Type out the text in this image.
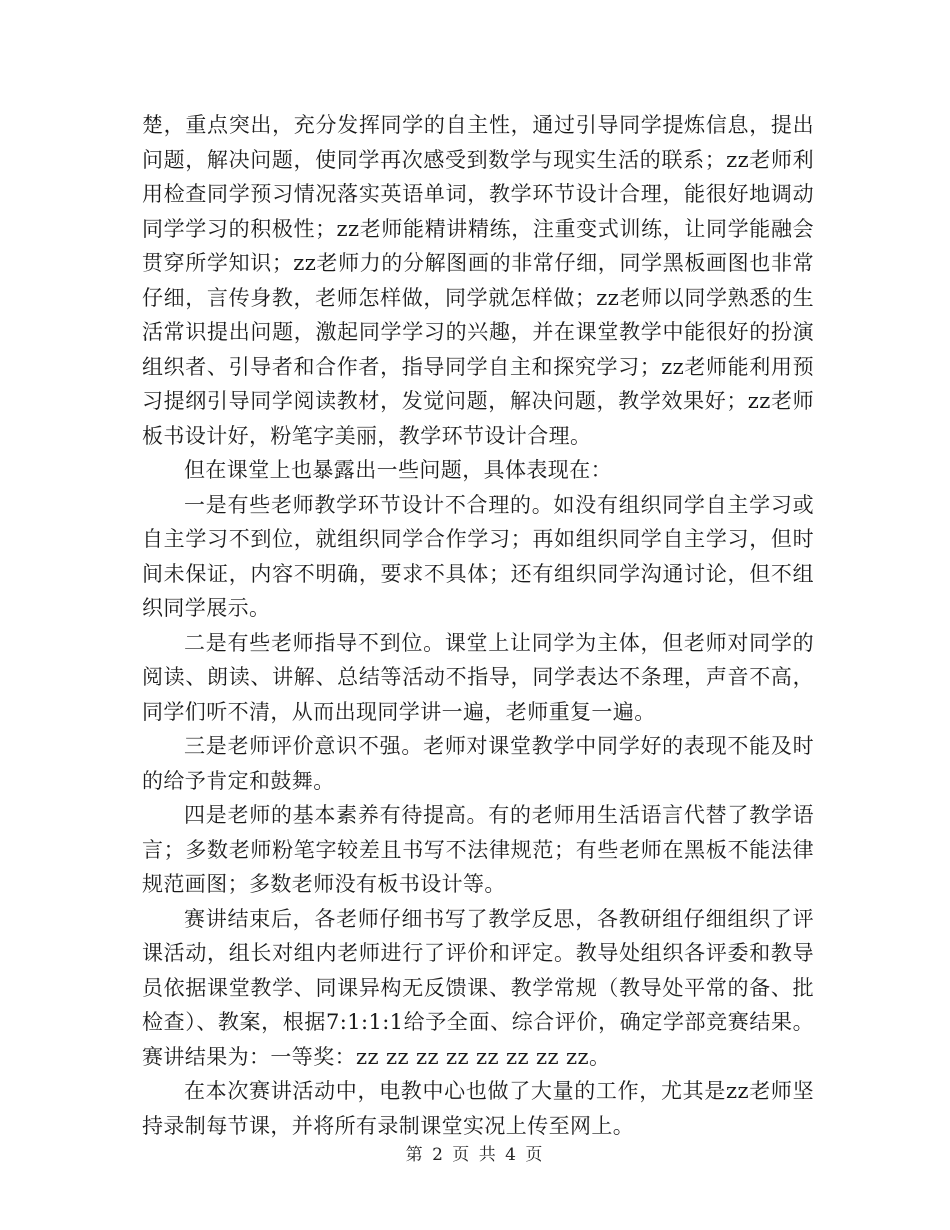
楚，重点突出，充分发挥同学的自主性，通过引导同学提炼信息，提出问题，解决问题，使同学再次感受到数学与现实生活的联系；zz老师利用检查同学预习情况落实英语单词，教学环节设计合理，能很好地调动同学学习的积极性；zz老师能精讲精练，注重变式训练，让同学能融会贯穿所学知识；zz老师力的分解图画的非常仔细，同学黑板画图也非常仔细，言传身教，老师怎样做，同学就怎样做；zz老师以同学熟悉的生活常识提出问题，激起同学学习的兴趣，并在课堂教学中能很好的扮演组织者、引导者和合作者，指导同学自主和探究学习；zz老师能利用预习提纲引导同学阅读教材，发觉问题，解决问题，教学效果好；zz老师板书设计好，粉笔字美丽，教学环节设计合理。

但在课堂上也暴露出一些问题，具体表现在：

一是有些老师教学环节设计不合理的。如没有组织同学自主学习或自主学习不到位，就组织同学合作学习；再如组织同学自主学习，但时间未保证，内容不明确，要求不具体；还有组织同学沟通讨论，但不组织同学展示。

二是有些老师指导不到位。课堂上让同学为主体，但老师对同学的阅读、朗读、讲解、总结等活动不指导，同学表达不条理，声音不高，同学们听不清，从而出现同学讲一遍，老师重复一遍。

三是老师评价意识不强。老师对课堂教学中同学好的表现不能及时的给予肯定和鼓舞。

四是老师的基本素养有待提高。有的老师用生活语言代替了教学语言；多数老师粉笔字较差且书写不法律规范；有些老师在黑板不能法律规范画图；多数老师没有板书设计等。

赛讲结束后，各老师仔细书写了教学反思，各教研组仔细组织了评课活动，组长对组内老师进行了评价和评定。教导处组织各评委和教导员依据课堂教学、同课异构无反馈课、教学常规（教导处平常的备、批检查）、教案，根据7:1:1:1给予全面、综合评价，确定学部竞赛结果。赛讲结果为：一等奖：zz zz zz zz zz zz zz zz。

在本次赛讲活动中，电教中心也做了大量的工作，尤其是zz老师坚持录制每节课，并将所有录制课堂实况上传至网上。

第 2 页 共 4 页
